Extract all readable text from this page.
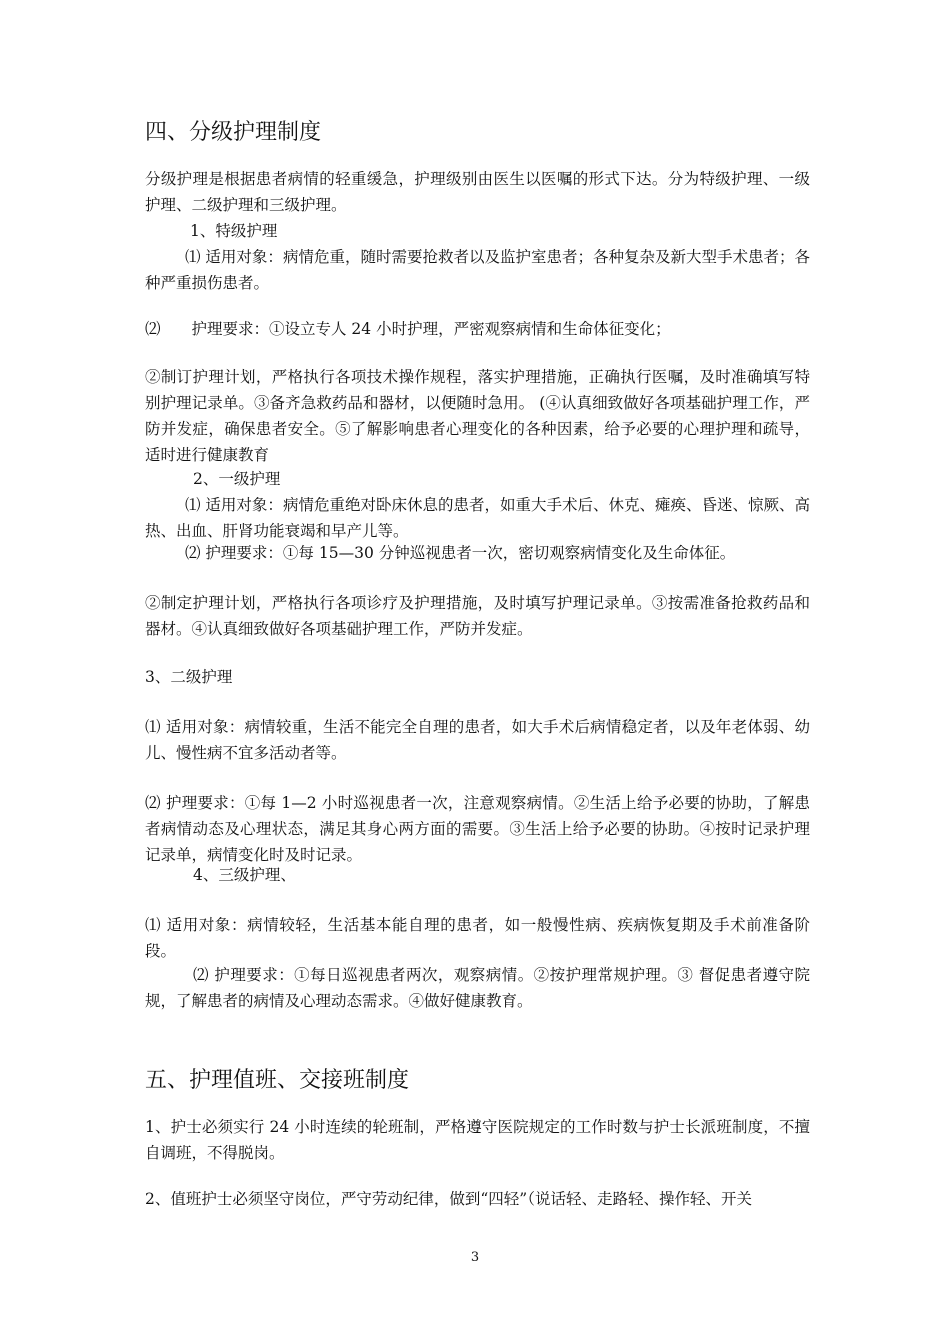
四、分级护理制度
分级护理是根据患者病情的轻重缓急，护理级别由医生以医嘱的形式下达。分为特级护理、一级护理、二级护理和三级护理。
1、特级护理
⑴ 适用对象：病情危重，随时需要抢救者以及监护室患者；各种复杂及新大型手术患者；各种严重损伤患者。
⑵　　护理要求：①设立专人 24 小时护理，严密观察病情和生命体征变化；
②制订护理计划，严格执行各项技术操作规程，落实护理措施，正确执行医嘱，及时准确填写特别护理记录单。③备齐急救药品和器材，以便随时急用。 (④认真细致做好各项基础护理工作，严防并发症，确保患者安全。⑤了解影响患者心理变化的各种因素，给予必要的心理护理和疏导，适时进行健康教育
2、一级护理
⑴ 适用对象：病情危重绝对卧床休息的患者，如重大手术后、休克、瘫痪、昏迷、惊厥、高热、出血、肝肾功能衰竭和早产儿等。
⑵ 护理要求：①每 15—30 分钟巡视患者一次，密切观察病情变化及生命体征。
②制定护理计划，严格执行各项诊疗及护理措施，及时填写护理记录单。③按需准备抢救药品和器材。④认真细致做好各项基础护理工作，严防并发症。
3、二级护理
⑴ 适用对象：病情较重，生活不能完全自理的患者，如大手术后病情稳定者，以及年老体弱、幼儿、慢性病不宜多活动者等。
⑵ 护理要求：①每 1—2 小时巡视患者一次，注意观察病情。②生活上给予必要的协助，了解患者病情动态及心理状态，满足其身心两方面的需要。③生活上给予必要的协助。④按时记录护理记录单，病情变化时及时记录。
4、三级护理、
⑴ 适用对象：病情较轻，生活基本能自理的患者，如一般慢性病、疾病恢复期及手术前准备阶段。
⑵ 护理要求：①每日巡视患者两次，观察病情。②按护理常规护理。③ 督促患者遵守院规，了解患者的病情及心理动态需求。④做好健康教育。
五、护理值班、交接班制度
1、护士必须实行 24 小时连续的轮班制，严格遵守医院规定的工作时数与护士长派班制度，不擅自调班，不得脱岗。
2、值班护士必须坚守岗位，严守劳动纪律，做到“四轻”（说话轻、走路轻、操作轻、开关
3
